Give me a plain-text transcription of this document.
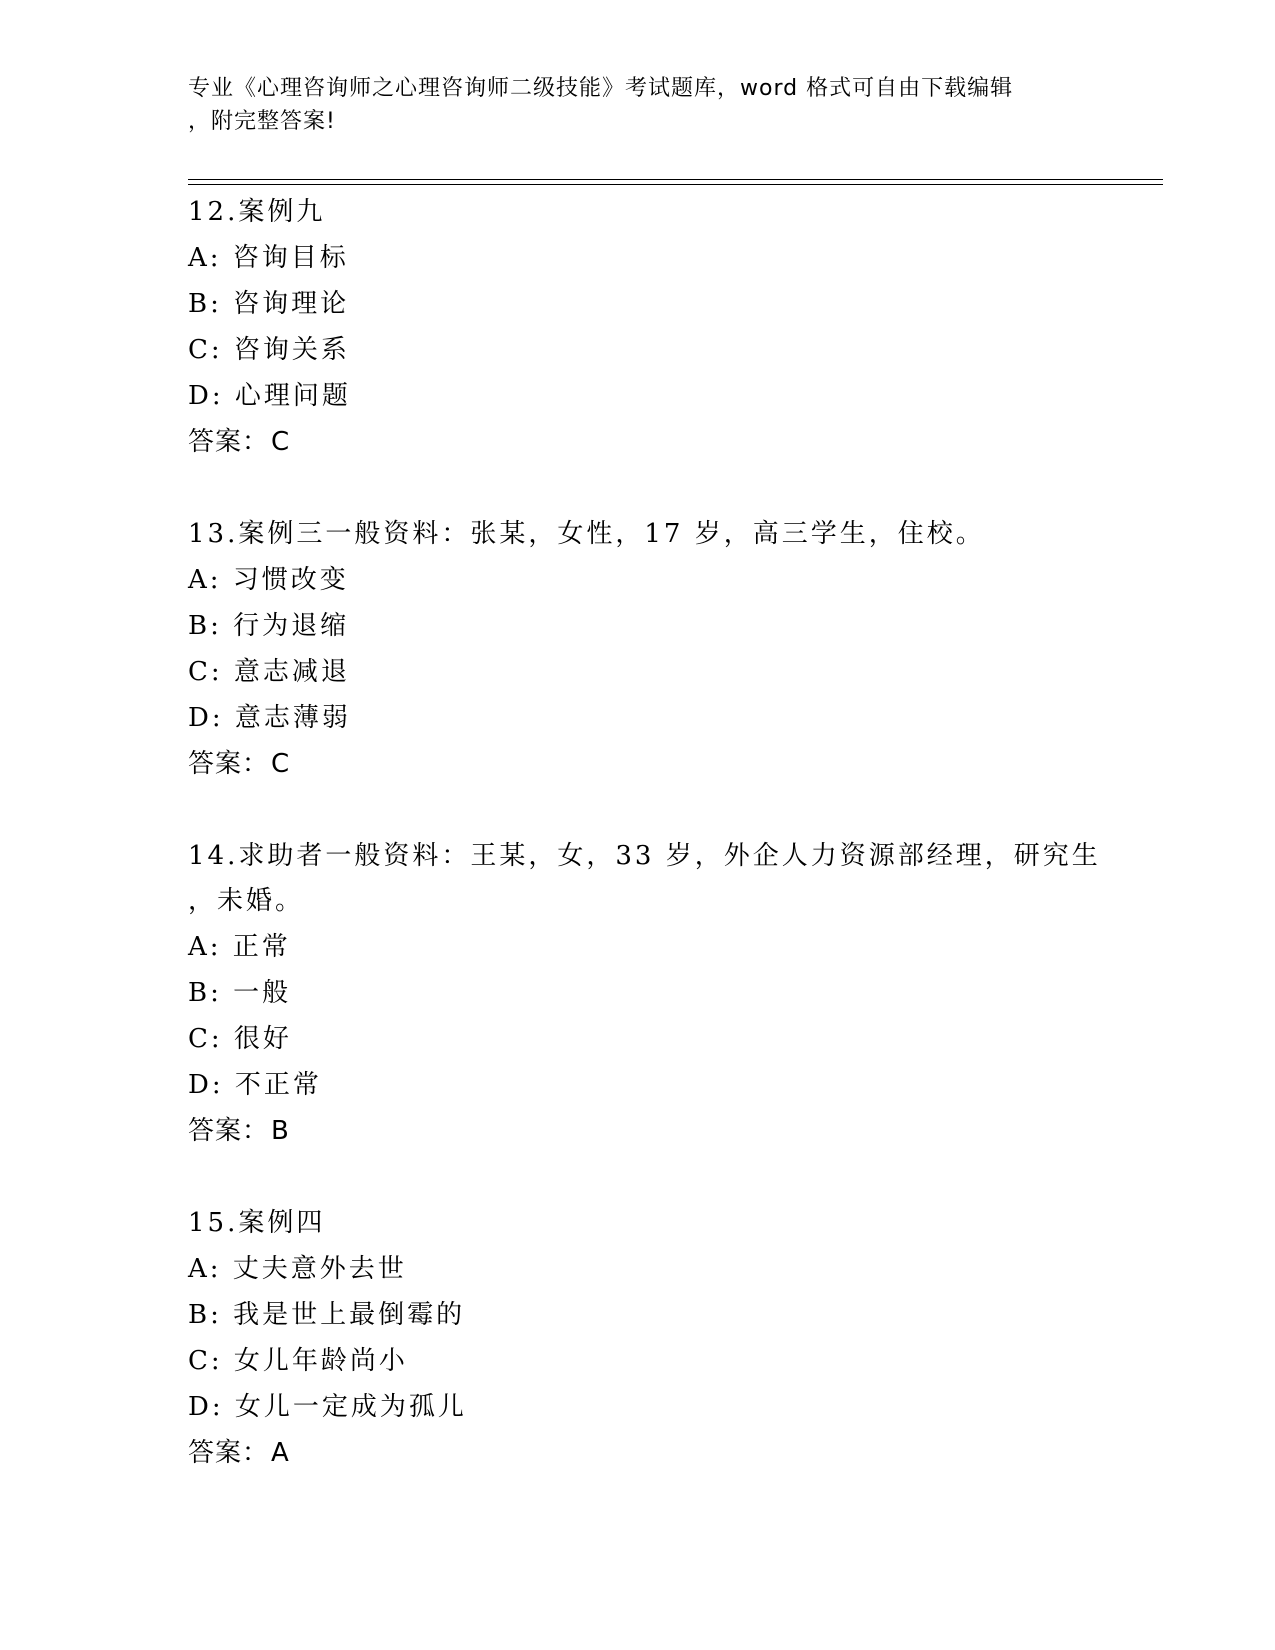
专业《心理咨询师之心理咨询师二级技能》考试题库，word 格式可自由下载编辑
，附完整答案!
12.案例九
A: 咨询目标
B: 咨询理论
C: 咨询关系
D: 心理问题
答案：C
13.案例三一般资料：张某，女性，17 岁，高三学生，住校。
A: 习惯改变
B: 行为退缩
C: 意志减退
D: 意志薄弱
答案：C
14.求助者一般资料：王某，女，33 岁，外企人力资源部经理，研究生
，未婚。
A: 正常
B: 一般
C: 很好
D: 不正常
答案：B
15.案例四
A: 丈夫意外去世
B: 我是世上最倒霉的
C: 女儿年龄尚小
D: 女儿一定成为孤儿
答案：A
